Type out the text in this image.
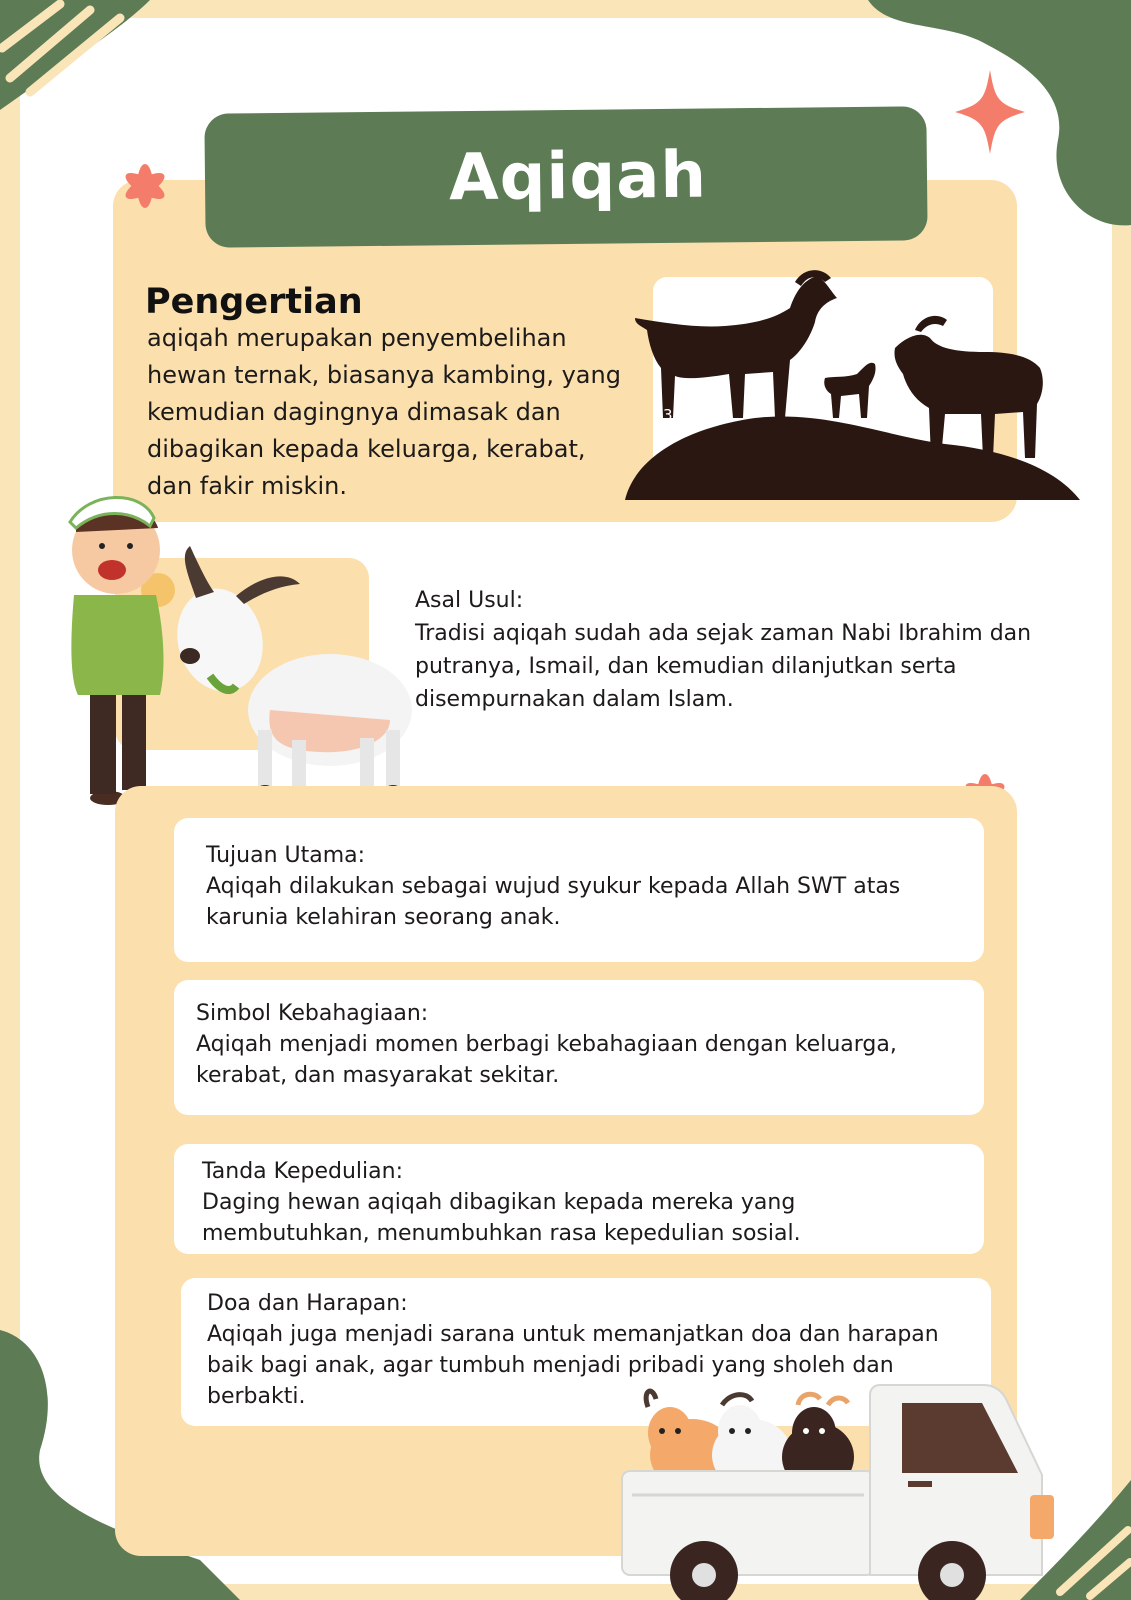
Aqiqah
Pengertian

aqiqah merupakan penyembelihan hewan ternak, biasanya kambing, yang kemudian dagingnya dimasak dan dibagikan kepada keluarga, kerabat, dan fakir miskin.

3
Asal Usul:
Tradisi aqiqah sudah ada sejak zaman Nabi Ibrahim dan putranya, Ismail, dan kemudian dilanjutkan serta disempurnakan dalam Islam.
Tujuan Utama:
Aqiqah dilakukan sebagai wujud syukur kepada Allah SWT atas karunia kelahiran seorang anak.
Simbol Kebahagiaan:
Aqiqah menjadi momen berbagi kebahagiaan dengan keluarga, kerabat, dan masyarakat sekitar.
Tanda Kepedulian:
Daging hewan aqiqah dibagikan kepada mereka yang membutuhkan, menumbuhkan rasa kepedulian sosial.
Doa dan Harapan:
Aqiqah juga menjadi sarana untuk memanjatkan doa dan harapan baik bagi anak, agar tumbuh menjadi pribadi yang sholeh dan berbakti.
